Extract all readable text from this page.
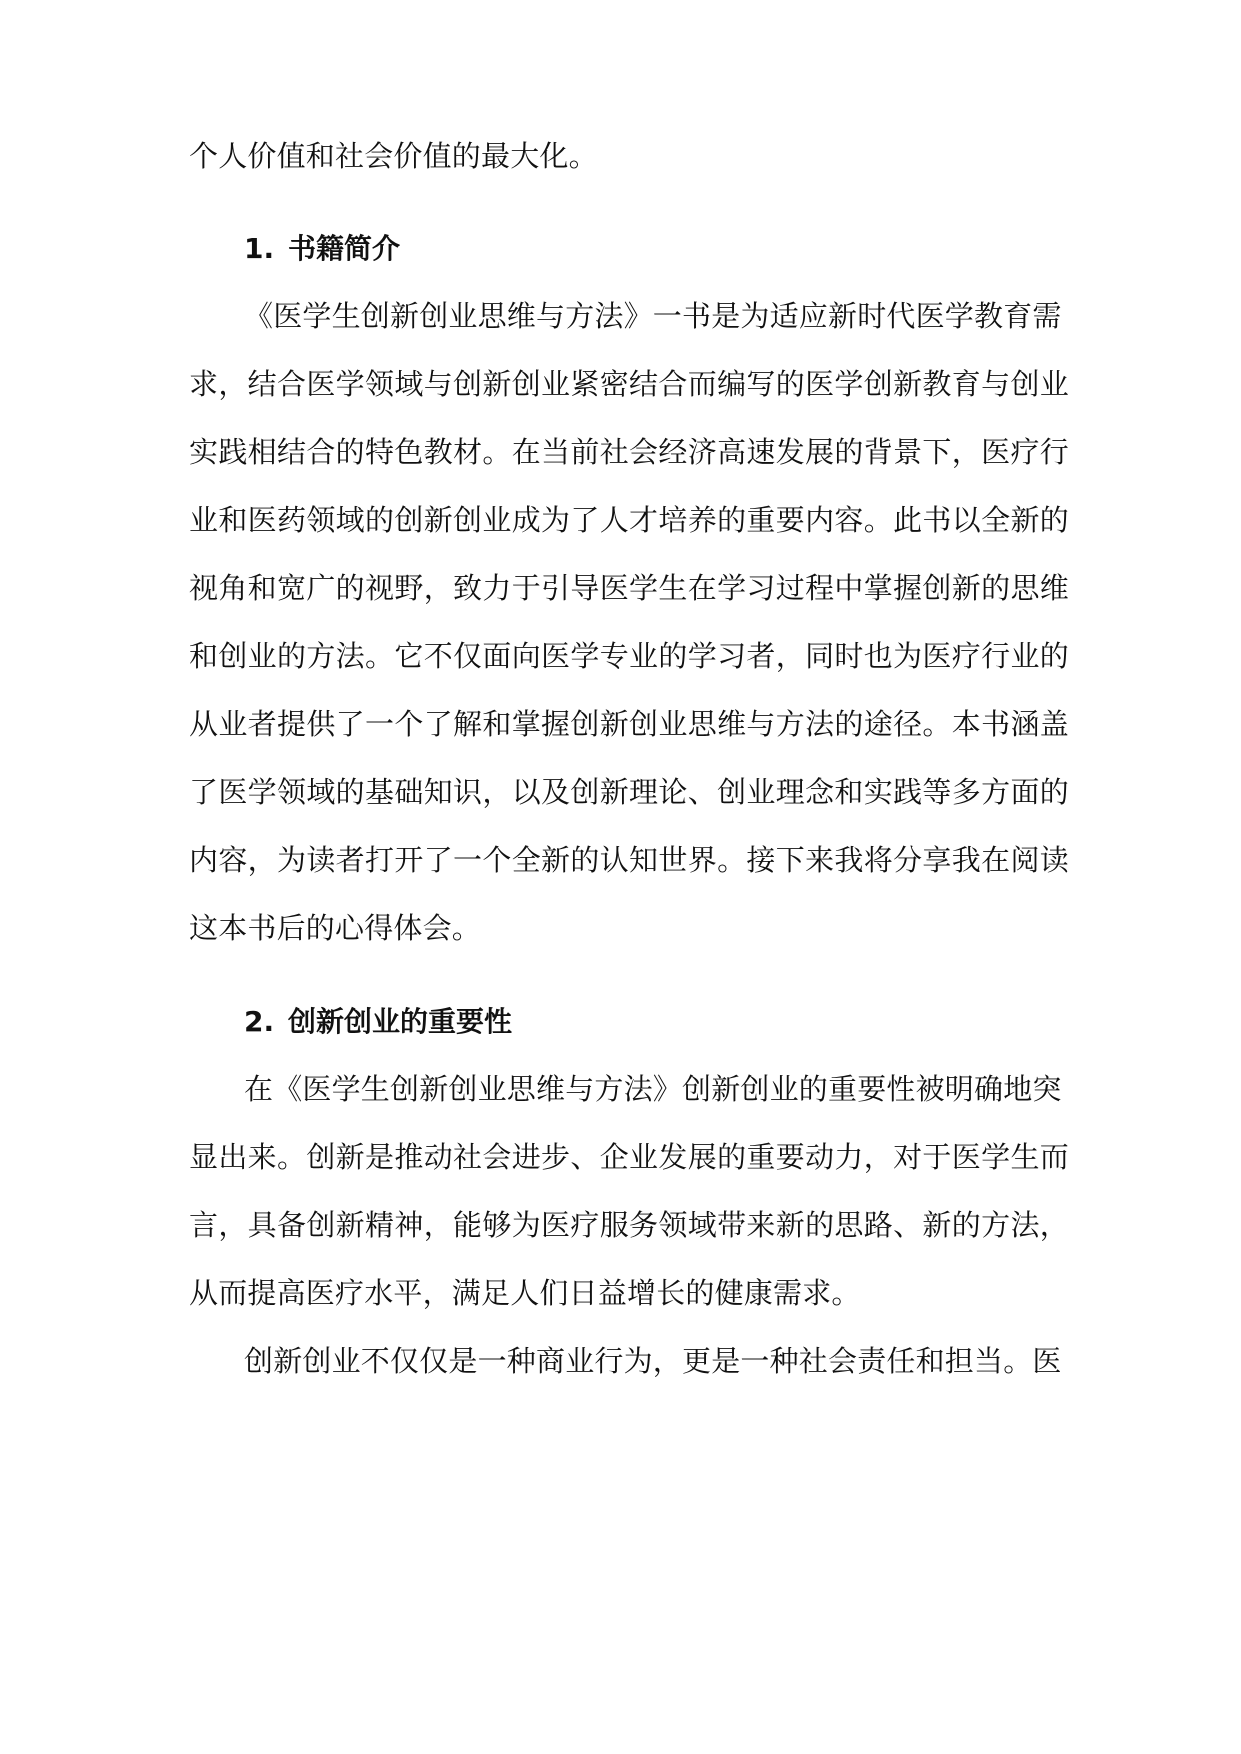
个人价值和社会价值的最大化。
1. 书籍简介
《医学生创新创业思维与方法》一书是为适应新时代医学教育需
求，结合医学领域与创新创业紧密结合而编写的医学创新教育与创业
实践相结合的特色教材。在当前社会经济高速发展的背景下，医疗行
业和医药领域的创新创业成为了人才培养的重要内容。此书以全新的
视角和宽广的视野，致力于引导医学生在学习过程中掌握创新的思维
和创业的方法。它不仅面向医学专业的学习者，同时也为医疗行业的
从业者提供了一个了解和掌握创新创业思维与方法的途径。本书涵盖
了医学领域的基础知识，以及创新理论、创业理念和实践等多方面的
内容，为读者打开了一个全新的认知世界。接下来我将分享我在阅读
这本书后的心得体会。
2. 创新创业的重要性
在《医学生创新创业思维与方法》创新创业的重要性被明确地突
显出来。创新是推动社会进步、企业发展的重要动力，对于医学生而
言，具备创新精神，能够为医疗服务领域带来新的思路、新的方法，
从而提高医疗水平，满足人们日益增长的健康需求。
创新创业不仅仅是一种商业行为，更是一种社会责任和担当。医
